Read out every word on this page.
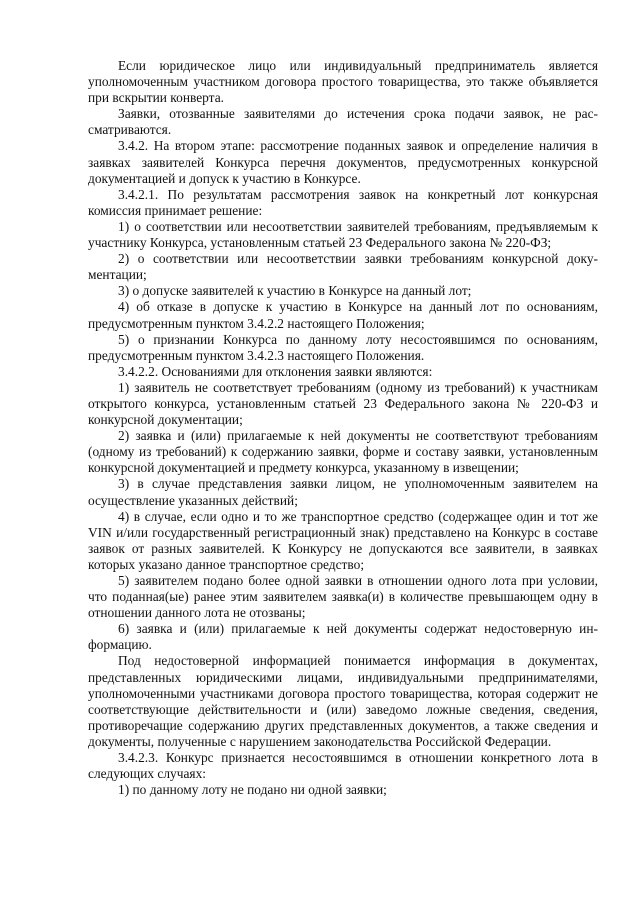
Если юридическое лицо или индивидуальный предприниматель является уполномоченным участником договора простого товарищества, это также объявляется при вскрытии конверта.

Заявки, отозванные заявителями до истечения срока подачи заявок, не рассматриваются.

3.4.2. На втором этапе: рассмотрение поданных заявок и определение наличия в заявках заявителей Конкурса перечня документов, предусмотренных конкурсной документацией и допуск к участию в Конкурсе.

3.4.2.1. По результатам рассмотрения заявок на конкретный лот конкурсная комиссия принимает решение:

1) о соответствии или несоответствии заявителей требованиям, предъявляемым к участнику Конкурса, установленным статьей 23 Федерального закона № 220-ФЗ;

2) о соответствии или несоответствии заявки требованиям конкурсной документации;

3) о допуске заявителей к участию в Конкурсе на данный лот;

4) об отказе в допуске к участию в Конкурсе на данный лот по основаниям, предусмотренным пунктом 3.4.2.2 настоящего Положения;

5) о признании Конкурса по данному лоту несостоявшимся по основаниям, предусмотренным пунктом 3.4.2.3 настоящего Положения.

3.4.2.2. Основаниями для отклонения заявки являются:

1) заявитель не соответствует требованиям (одному из требований) к участникам открытого конкурса, установленным статьей 23 Федерального закона № 220-ФЗ и конкурсной документации;

2) заявка и (или) прилагаемые к ней документы не соответствуют требованиям (одному из требований) к содержанию заявки, форме и составу заявки, установленным конкурсной документацией и предмету конкурса, указанному в извещении;

3) в случае представления заявки лицом, не уполномоченным заявителем на осуществление указанных действий;

4) в случае, если одно и то же транспортное средство (содержащее один и тот же VIN и/или государственный регистрационный знак) представлено на Конкурс в составе заявок от разных заявителей. К Конкурсу не допускаются все заявители, в заявках которых указано данное транспортное средство;

5) заявителем подано более одной заявки в отношении одного лота при условии, что поданная(ые) ранее этим заявителем заявка(и) в количестве превышающем одну в отношении данного лота не отозваны;

6) заявка и (или) прилагаемые к ней документы содержат недостоверную информацию.

Под недостоверной информацией понимается информация в документах, представленных юридическими лицами, индивидуальными предпринимателями, уполномоченными участниками договора простого товарищества, которая содержит не соответствующие действительности и (или) заведомо ложные сведения, сведения, противоречащие содержанию других представленных документов, а также сведения и документы, полученные с нарушением законодательства Российской Федерации.

3.4.2.3. Конкурс признается несостоявшимся в отношении конкретного лота в следующих случаях:

1) по данному лоту не подано ни одной заявки;
